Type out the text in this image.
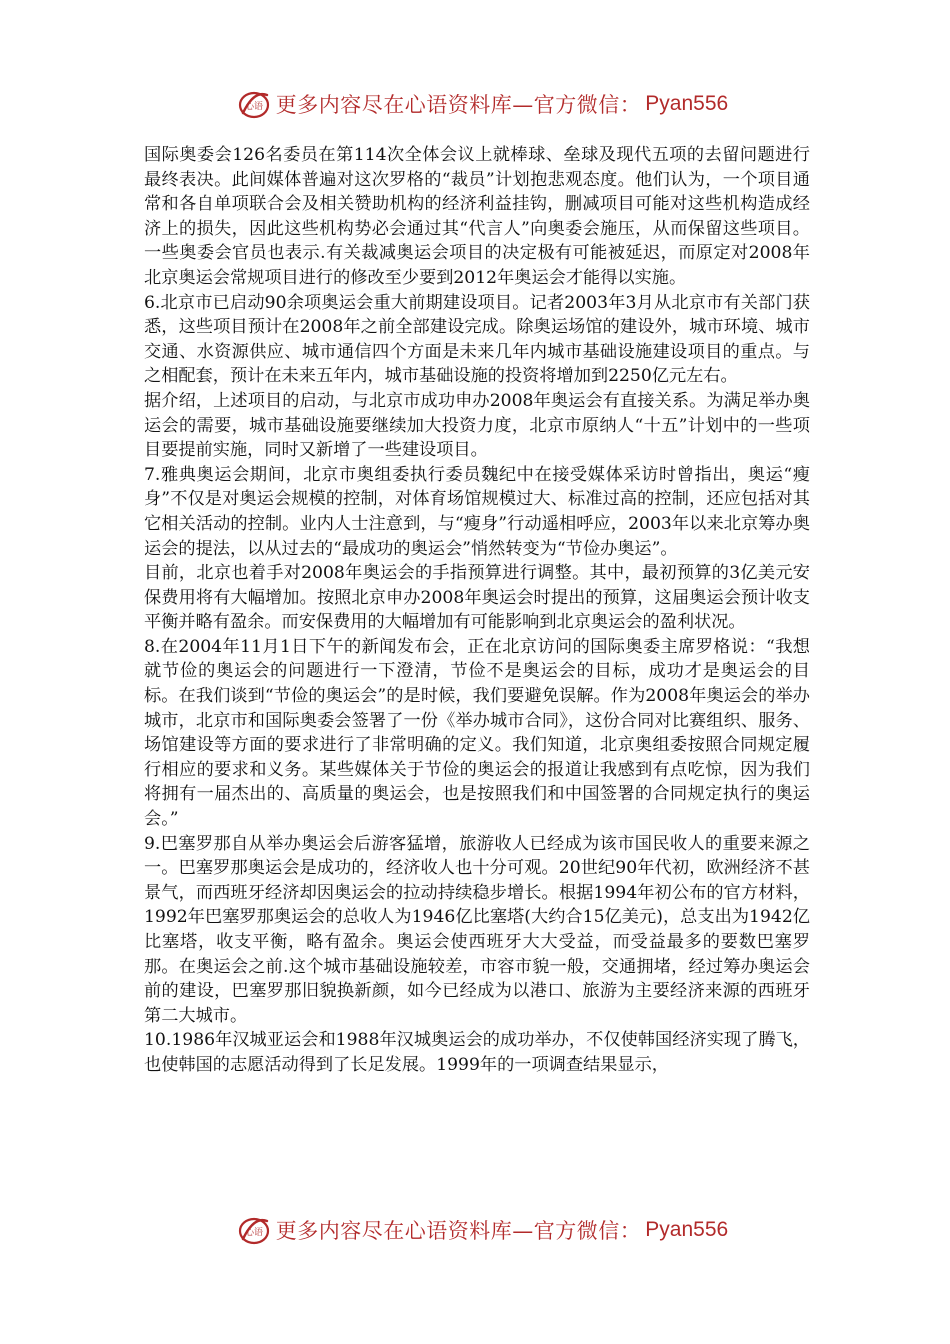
心语 更多内容尽在心语资料库—官方微信： Pyan556

国际奥委会126名委员在第114次全体会议上就棒球、垒球及现代五项的去留问题进行最终表决。此间媒体普遍对这次罗格的“裁员”计划抱悲观态度。他们认为，一个项目通常和各自单项联合会及相关赞助机构的经济利益挂钩，删减项目可能对这些机构造成经济上的损失，因此这些机构势必会通过其“代言人”向奥委会施压，从而保留这些项目。一些奥委会官员也表示.有关裁减奥运会项目的决定极有可能被延迟，而原定对2008年北京奥运会常规项目进行的修改至少要到2012年奥运会才能得以实施。

6.北京市已启动90余项奥运会重大前期建设项目。记者2003年3月从北京市有关部门获悉，这些项目预计在2008年之前全部建设完成。除奥运场馆的建设外，城市环境、城市交通、水资源供应、城市通信四个方面是未来几年内城市基础设施建设项目的重点。与之相配套，预计在未来五年内，城市基础设施的投资将增加到2250亿元左右。

据介绍，上述项目的启动，与北京市成功申办2008年奥运会有直接关系。为满足举办奥运会的需要，城市基础设施要继续加大投资力度，北京市原纳人“十五”计划中的一些项目要提前实施，同时又新增了一些建设项目。

7.雅典奥运会期间，北京市奥组委执行委员魏纪中在接受媒体采访时曾指出，奥运“瘦身”不仅是对奥运会规模的控制，对体育场馆规模过大、标准过高的控制，还应包括对其它相关活动的控制。业内人士注意到，与“瘦身”行动遥相呼应，2003年以来北京筹办奥运会的提法，以从过去的“最成功的奥运会”悄然转变为“节俭办奥运”。

目前，北京也着手对2008年奥运会的手指预算进行调整。其中，最初预算的3亿美元安保费用将有大幅增加。按照北京申办2008年奥运会时提出的预算，这届奥运会预计收支平衡并略有盈余。而安保费用的大幅增加有可能影响到北京奥运会的盈利状况。

8.在2004年11月1日下午的新闻发布会，正在北京访问的国际奥委主席罗格说：“我想就节俭的奥运会的问题进行一下澄清，节俭不是奥运会的目标，成功才是奥运会的目标。在我们谈到“节俭的奥运会”的是时候，我们要避免误解。作为2008年奥运会的举办城市，北京市和国际奥委会签署了一份《举办城市合同》，这份合同对比赛组织、服务、场馆建设等方面的要求进行了非常明确的定义。我们知道，北京奥组委按照合同规定履行相应的要求和义务。某些媒体关于节俭的奥运会的报道让我感到有点吃惊，因为我们将拥有一届杰出的、高质量的奥运会，也是按照我们和中国签署的合同规定执行的奥运会。”

9.巴塞罗那自从举办奥运会后游客猛增，旅游收人已经成为该市国民收人的重要来源之一。巴塞罗那奥运会是成功的，经济收人也十分可观。20世纪90年代初，欧洲经济不甚景气，而西班牙经济却因奥运会的拉动持续稳步增长。根据1994年初公布的官方材料，1992年巴塞罗那奥运会的总收人为1946亿比塞塔(大约合15亿美元)，总支出为1942亿比塞塔，收支平衡，略有盈余。奥运会使西班牙大大受益，而受益最多的要数巴塞罗那。在奥运会之前.这个城市基础设施较差，市容市貌一般，交通拥堵，经过筹办奥运会前的建设，巴塞罗那旧貌换新颜，如今已经成为以港口、旅游为主要经济来源的西班牙第二大城市。

10.1986年汉城亚运会和1988年汉城奥运会的成功举办，不仅使韩国经济实现了腾飞，也使韩国的志愿活动得到了长足发展。1999年的一项调查结果显示，

心语 更多内容尽在心语资料库—官方微信： Pyan556
